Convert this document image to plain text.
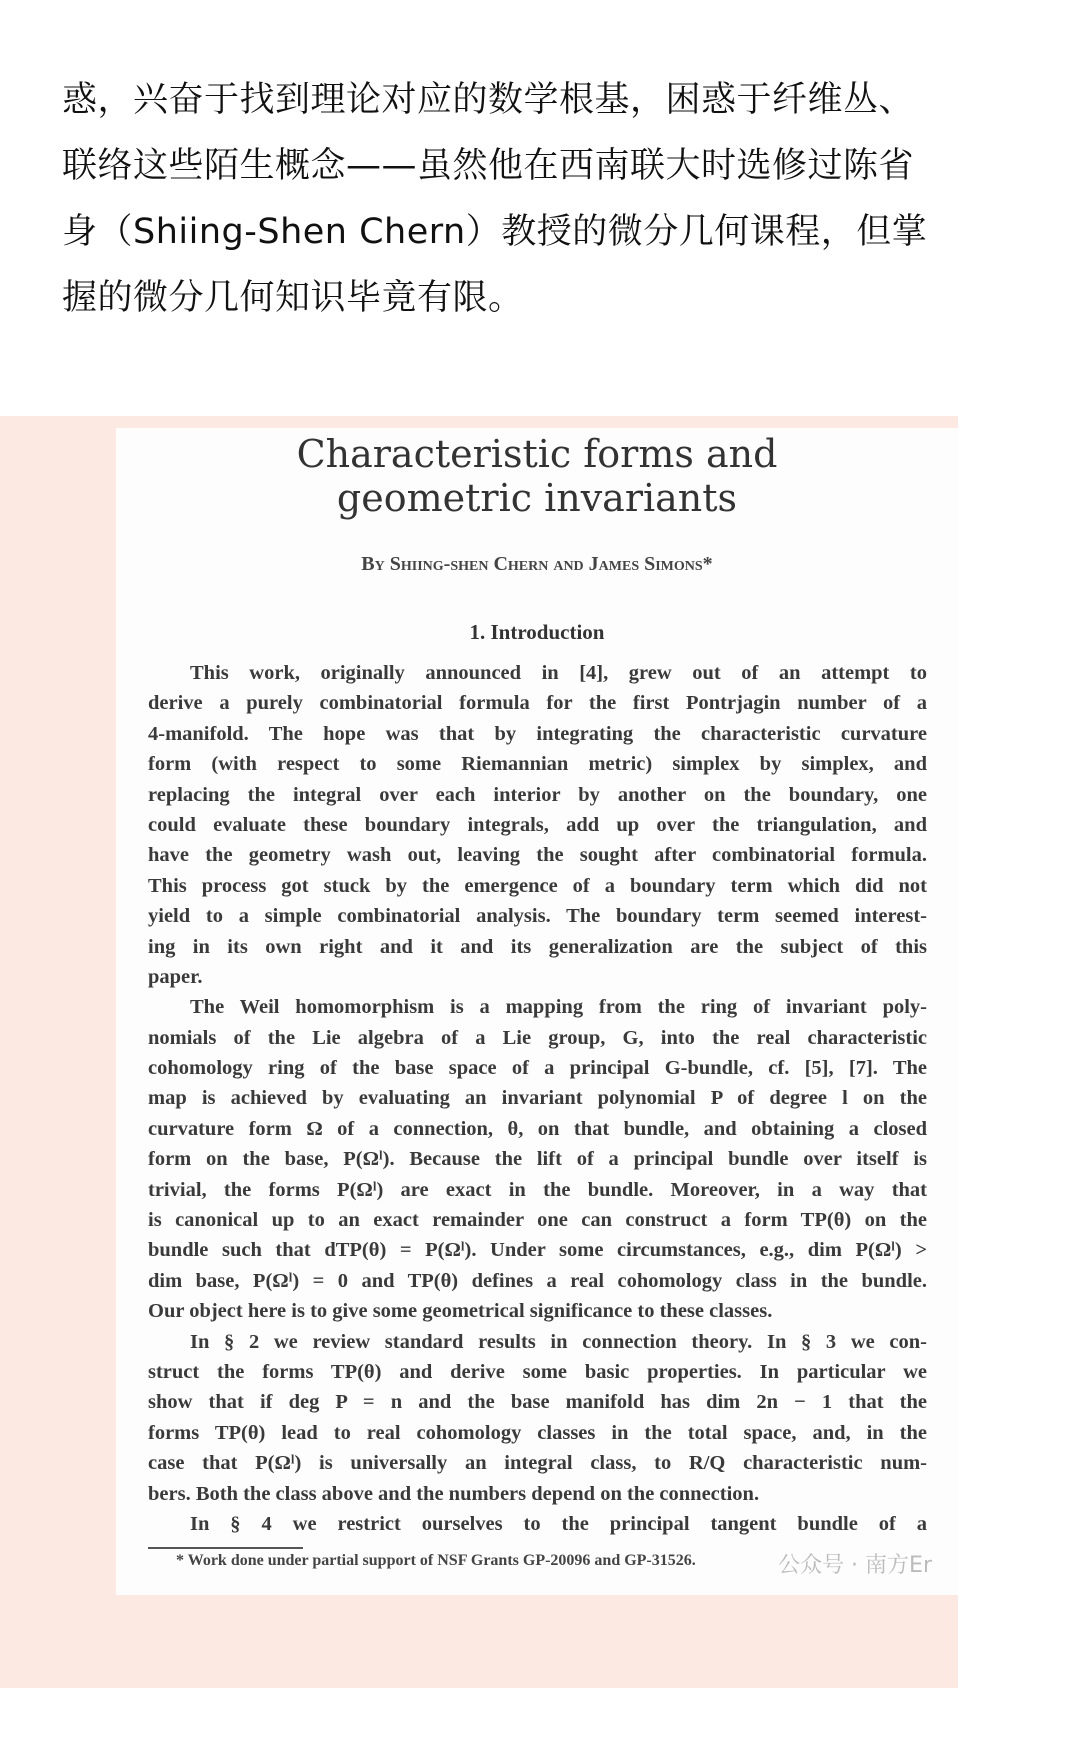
惑，兴奋于找到理论对应的数学根基，困惑于纤维丛、
联络这些陌生概念——虽然他在西南联大时选修过陈省
身（Shiing-Shen Chern）教授的微分几何课程，但掌
握的微分几何知识毕竟有限。
Characteristic forms and
geometric invariants
By Shiing-shen Chern and James Simons*
1. Introduction
This work, originally announced in [4], grew out of an attempt to
derive a purely combinatorial formula for the first Pontrjagin number of a
4-manifold. The hope was that by integrating the characteristic curvature
form (with respect to some Riemannian metric) simplex by simplex, and
replacing the integral over each interior by another on the boundary, one
could evaluate these boundary integrals, add up over the triangulation, and
have the geometry wash out, leaving the sought after combinatorial formula.
This process got stuck by the emergence of a boundary term which did not
yield to a simple combinatorial analysis. The boundary term seemed interest-
ing in its own right and it and its generalization are the subject of this
paper.
The Weil homomorphism is a mapping from the ring of invariant poly-
nomials of the Lie algebra of a Lie group, G, into the real characteristic
cohomology ring of the base space of a principal G-bundle, cf. [5], [7]. The
map is achieved by evaluating an invariant polynomial P of degree l on the
curvature form Ω of a connection, θ, on that bundle, and obtaining a closed
form on the base, P(Ωˡ). Because the lift of a principal bundle over itself is
trivial, the forms P(Ωˡ) are exact in the bundle. Moreover, in a way that
is canonical up to an exact remainder one can construct a form TP(θ) on the
bundle such that dTP(θ) = P(Ωˡ). Under some circumstances, e.g., dim P(Ωˡ) >
dim base, P(Ωˡ) = 0 and TP(θ) defines a real cohomology class in the bundle.
Our object here is to give some geometrical significance to these classes.
In § 2 we review standard results in connection theory. In § 3 we con-
struct the forms TP(θ) and derive some basic properties. In particular we
show that if deg P = n and the base manifold has dim 2n − 1 that the
forms TP(θ) lead to real cohomology classes in the total space, and, in the
case that P(Ωˡ) is universally an integral class, to R/Q characteristic num-
bers. Both the class above and the numbers depend on the connection.
In § 4 we restrict ourselves to the principal tangent bundle of a
* Work done under partial support of NSF Grants GP-20096 and GP-31526.	公众号 · 南方Er
